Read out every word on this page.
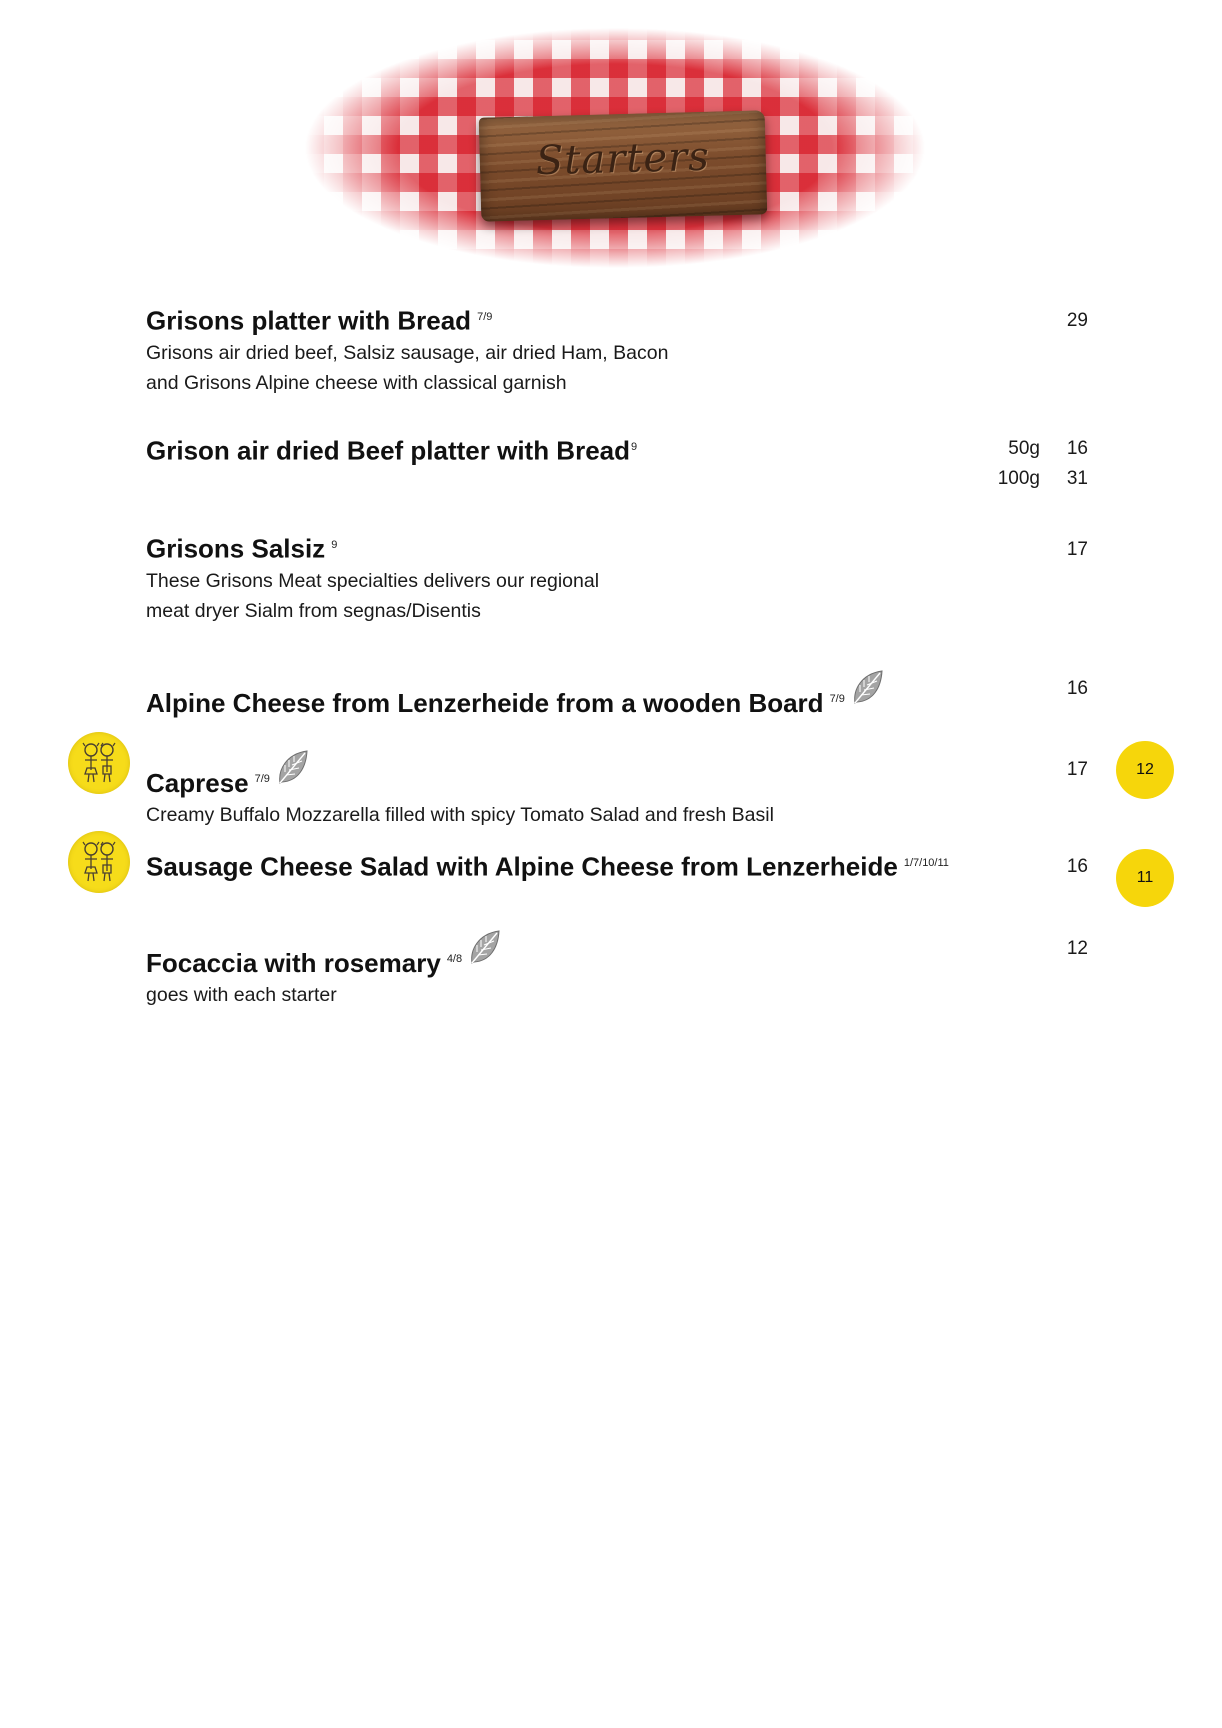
Starters
Grisons platter with Bread $^{7/9}$
Grisons air dried beef, Salsiz sausage, air dried Ham, Bacon
and Grisons Alpine cheese with classical garnish
29
Grison air dried Beef platter with Bread$^9$	50g	16
100g	31
Grisons Salsiz $^9$
These Grisons Meat specialties delivers our regional
meat dryer Sialm from segnas/Disentis
17
Alpine Cheese from Lenzerheide from a wooden Board $^{7/9}$
16
Caprese $^{7/9}$
Creamy Buffalo Mozzarella filled with spicy Tomato Salad and fresh Basil
17	12
Sausage Cheese Salad with Alpine Cheese from Lenzerheide $^{1/7/10/11}$	16
11
Focaccia with rosemary $^{4/8}$
goes with each starter
12
